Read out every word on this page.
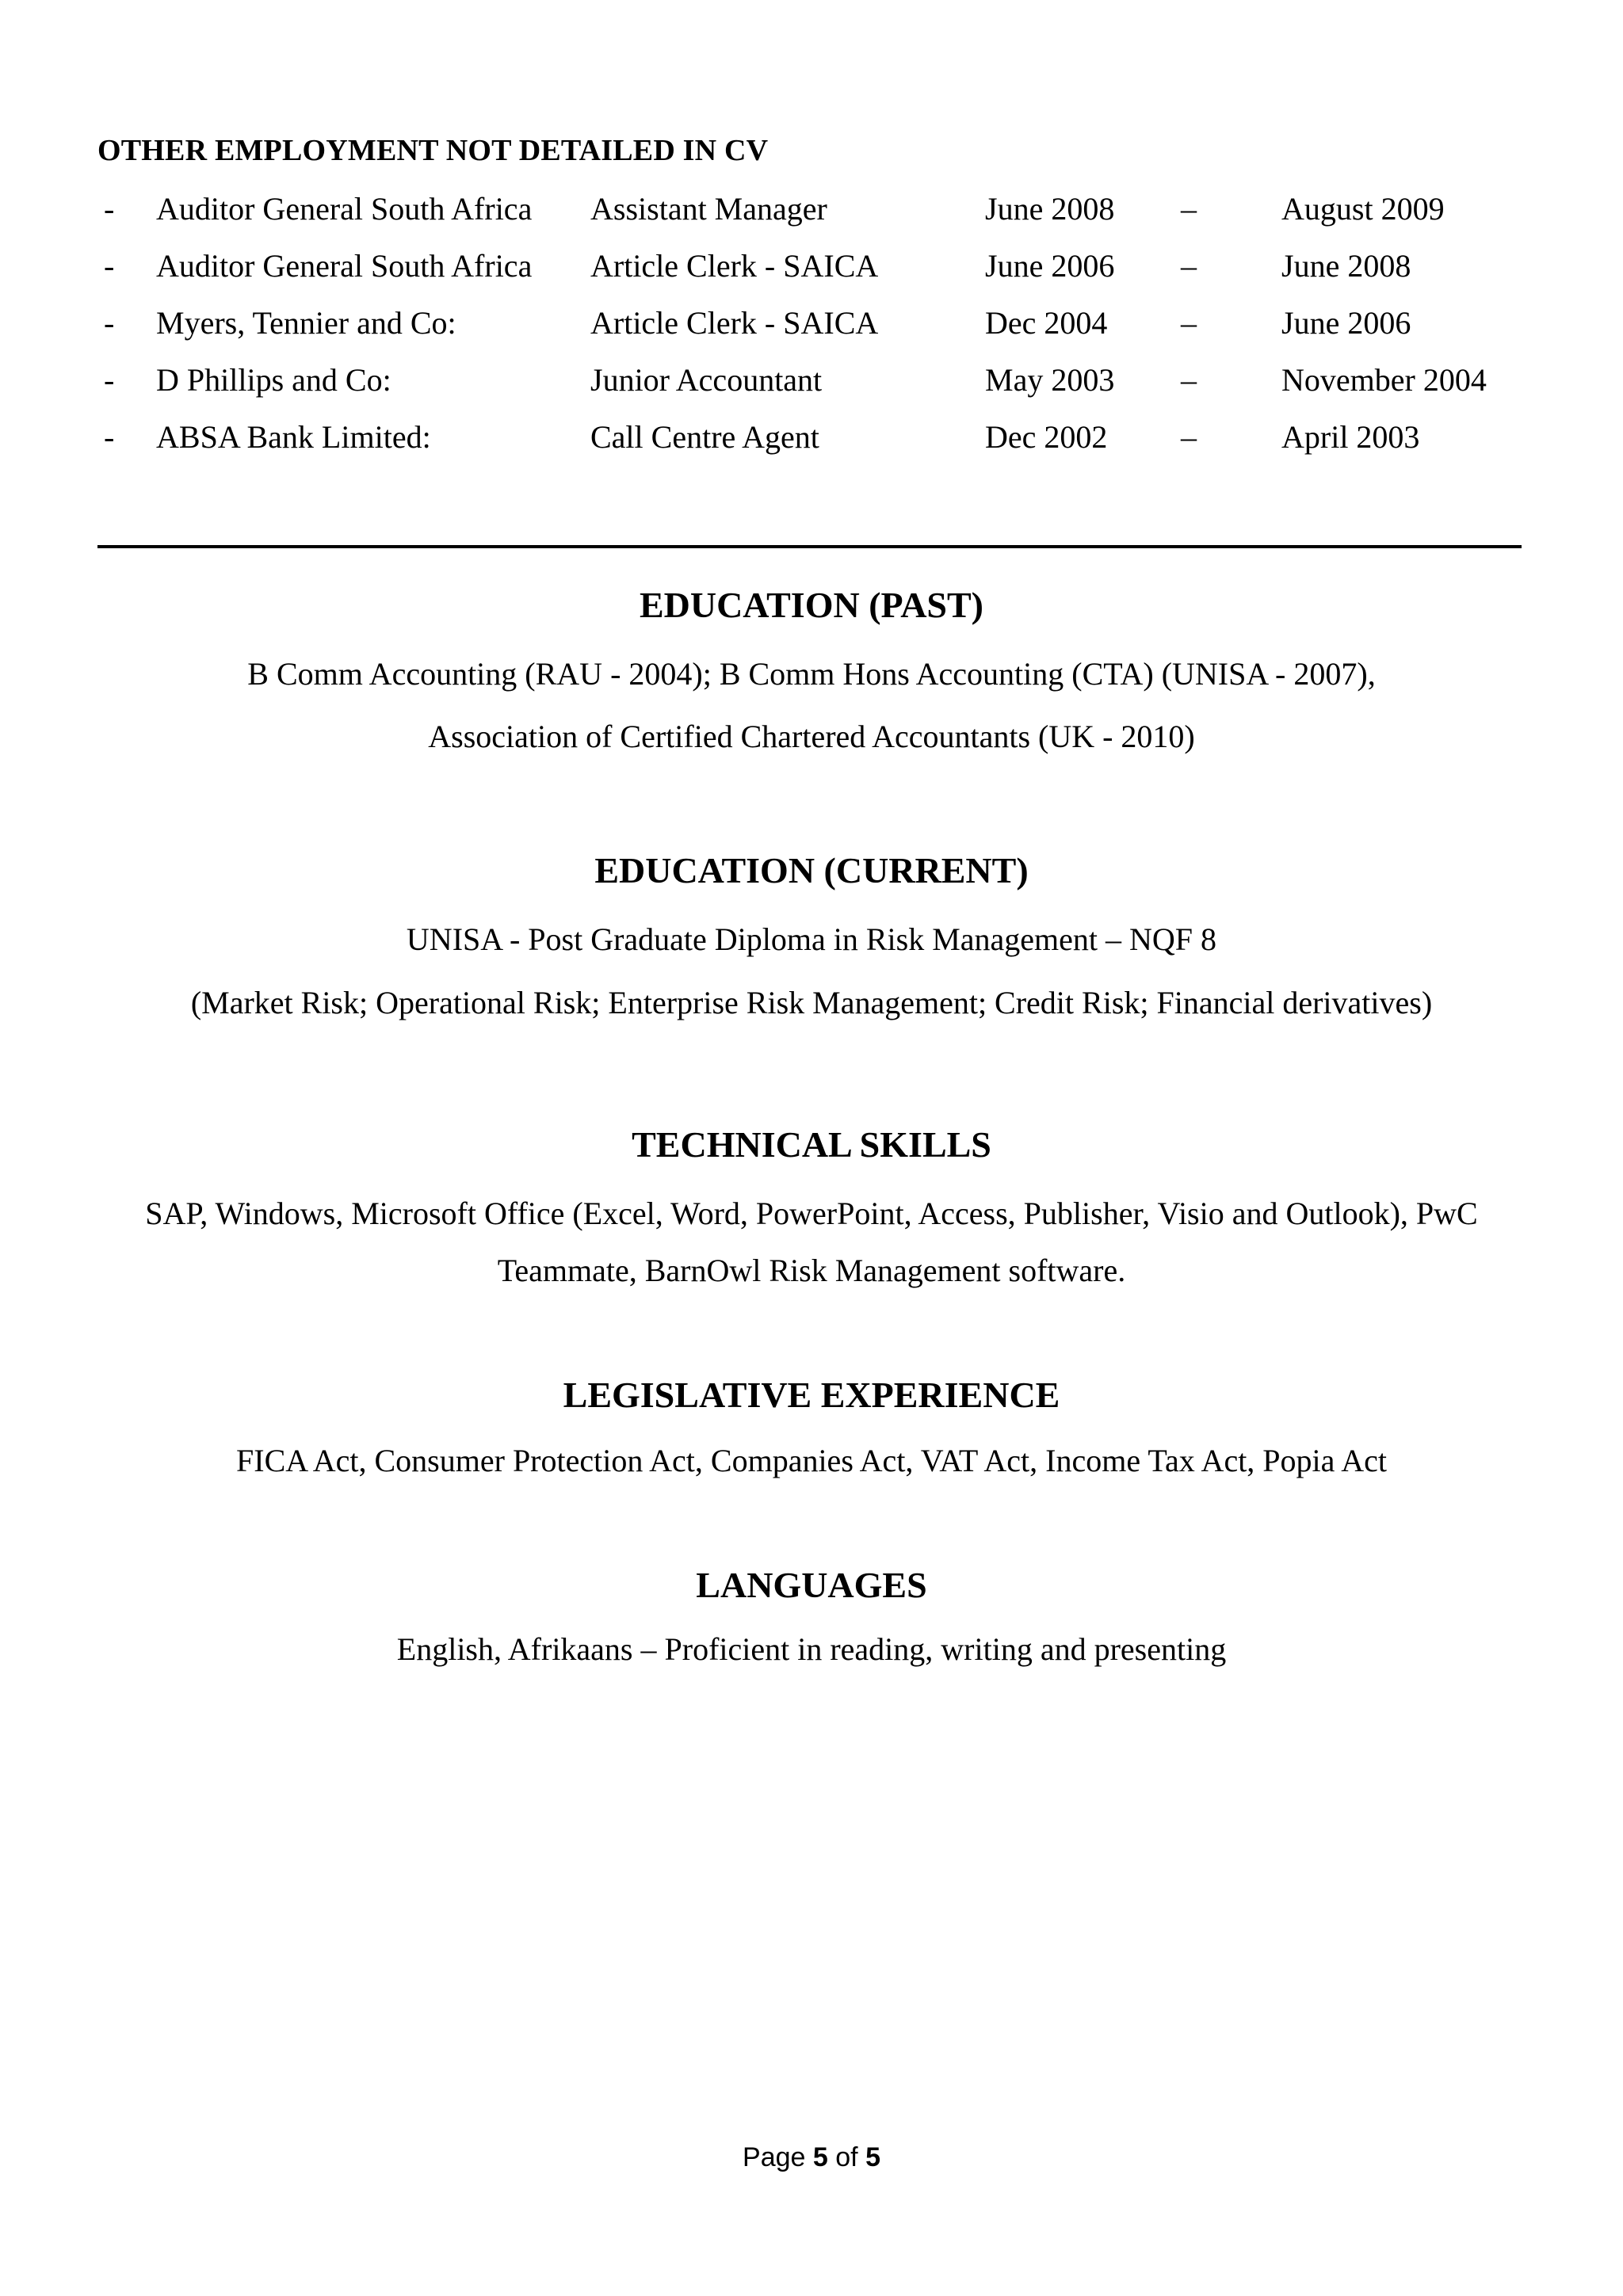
OTHER EMPLOYMENT NOT DETAILED IN CV
- Auditor General South Africa Assistant Manager	June 2008 –	August 2009
- Auditor General South Africa Article Clerk - SAICA	June 2006 –	June 2008
- Myers, Tennier and Co:	Article Clerk - SAICA	Dec 2004 –	June 2006
- D Phillips and Co:	Junior Accountant	May 2003 –	November 2004
- ABSA Bank Limited:	Call Centre Agent	Dec 2002 –	April 2003
EDUCATION (PAST)
B Comm Accounting (RAU - 2004); B Comm Hons Accounting (CTA) (UNISA - 2007),
Association of Certified Chartered Accountants (UK - 2010)
EDUCATION (CURRENT)
UNISA - Post Graduate Diploma in Risk Management – NQF 8
(Market Risk; Operational Risk; Enterprise Risk Management; Credit Risk; Financial derivatives)
TECHNICAL SKILLS
SAP, Windows, Microsoft Office (Excel, Word, PowerPoint, Access, Publisher, Visio and Outlook), PwC
Teammate, BarnOwl Risk Management software.
LEGISLATIVE EXPERIENCE
FICA Act, Consumer Protection Act, Companies Act, VAT Act, Income Tax Act, Popia Act
LANGUAGES
English, Afrikaans – Proficient in reading, writing and presenting
Page 5 of 5
